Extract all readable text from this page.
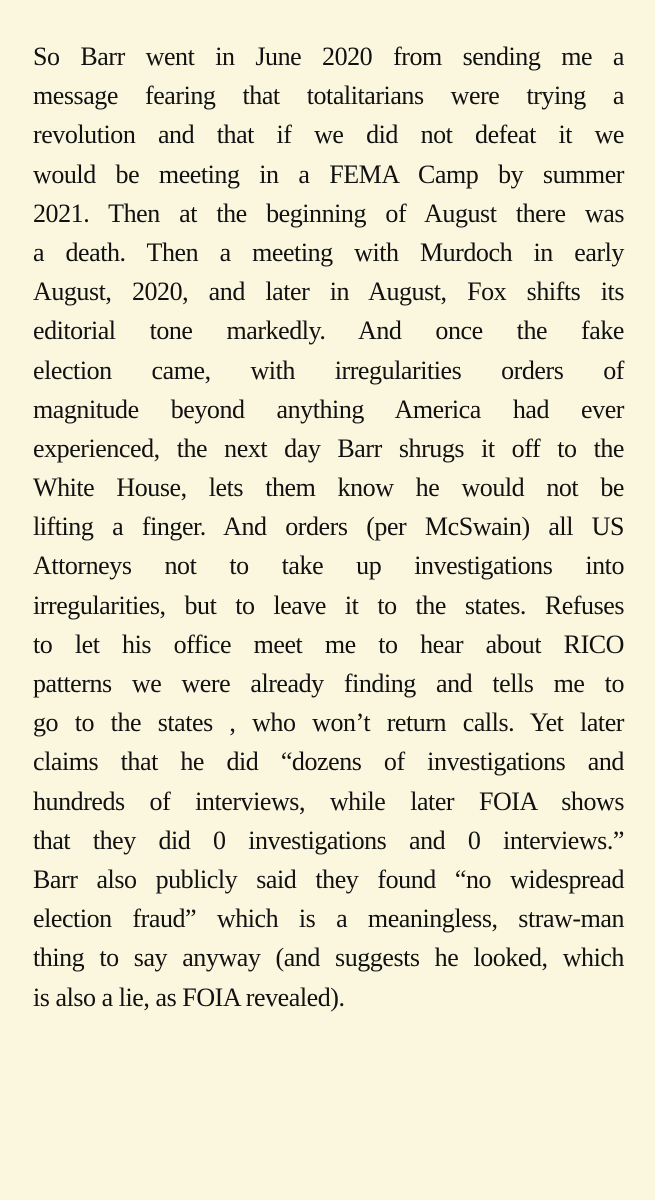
So Barr went in June 2020 from sending me a
message fearing that totalitarians were trying a
revolution and that if we did not defeat it we
would be meeting in a FEMA Camp by summer
2021. Then at the beginning of August there was
a death. Then a meeting with Murdoch in early
August, 2020, and later in August, Fox shifts its
editorial tone markedly. And once the fake
election came, with irregularities orders of
magnitude beyond anything America had ever
experienced, the next day Barr shrugs it off to the
White House, lets them know he would not be
lifting a finger. And orders (per McSwain) all US
Attorneys not to take up investigations into
irregularities, but to leave it to the states. Refuses
to let his office meet me to hear about RICO
patterns we were already finding and tells me to
go to the states , who won’t return calls. Yet later
claims that he did “dozens of investigations and
hundreds of interviews, while later FOIA shows
that they did 0 investigations and 0 interviews.”
Barr also publicly said they found “no widespread
election fraud” which is a meaningless, straw-man
thing to say anyway (and suggests he looked, which
is also a lie, as FOIA revealed).
